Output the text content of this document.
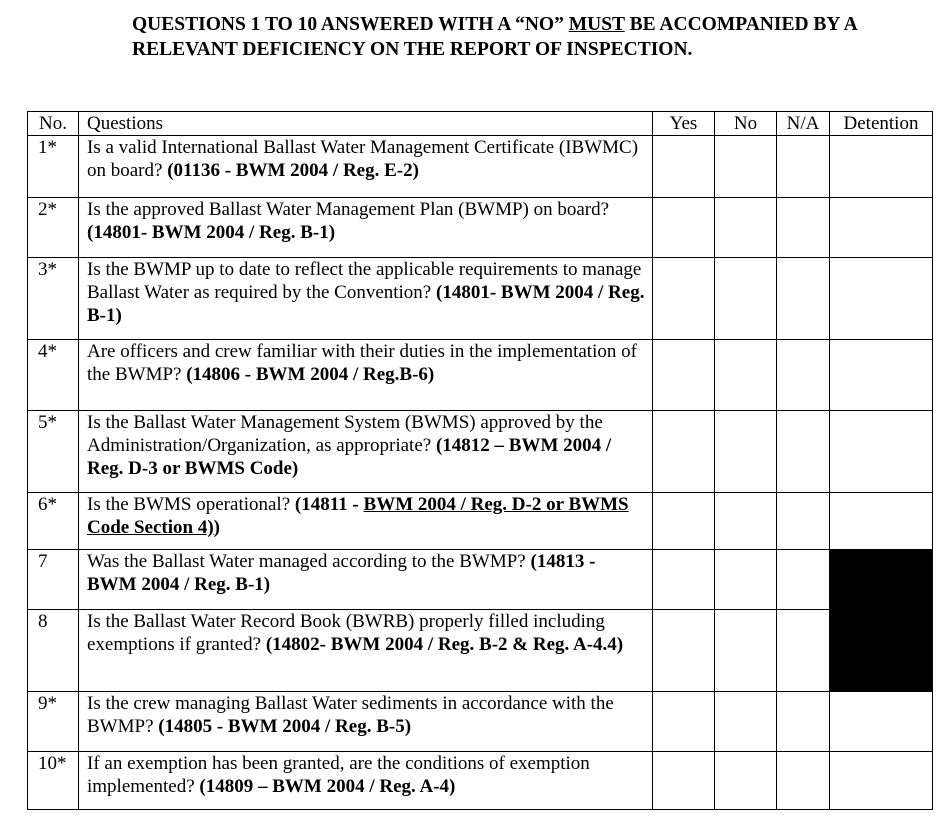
QUESTIONS 1 TO 10 ANSWERED WITH A “NO” MUST BE ACCOMPANIED BY A RELEVANT DEFICIENCY ON THE REPORT OF INSPECTION.
No.	Questions	Yes	No	N/A	Detention
1*	Is a valid International Ballast Water Management Certificate (IBWMC) on board? (01136 - BWM 2004 / Reg. E-2)				
2*	Is the approved Ballast Water Management Plan (BWMP) on board? (14801- BWM 2004 / Reg. B-1)				
3*	Is the BWMP up to date to reflect the applicable requirements to manage Ballast Water as required by the Convention? (14801- BWM 2004 / Reg. B-1)				
4*	Are officers and crew familiar with their duties in the implementation of the BWMP? (14806 - BWM 2004 / Reg.B-6)				
5*	Is the Ballast Water Management System (BWMS) approved by the Administration/Organization, as appropriate? (14812 – BWM 2004 / Reg. D-3 or BWMS Code)				
6*	Is the BWMS operational? (14811 - BWM 2004 / Reg. D-2 or BWMS Code Section 4))				
7	Was the Ballast Water managed according to the BWMP? (14813 - BWM 2004 / Reg. B-1)				
8	Is the Ballast Water Record Book (BWRB) properly filled including exemptions if granted? (14802- BWM 2004 / Reg. B-2 & Reg. A-4.4)				
9*	Is the crew managing Ballast Water sediments in accordance with the BWMP? (14805 - BWM 2004 / Reg. B-5)				
10*	If an exemption has been granted, are the conditions of exemption implemented? (14809 – BWM 2004 / Reg. A-4)				
